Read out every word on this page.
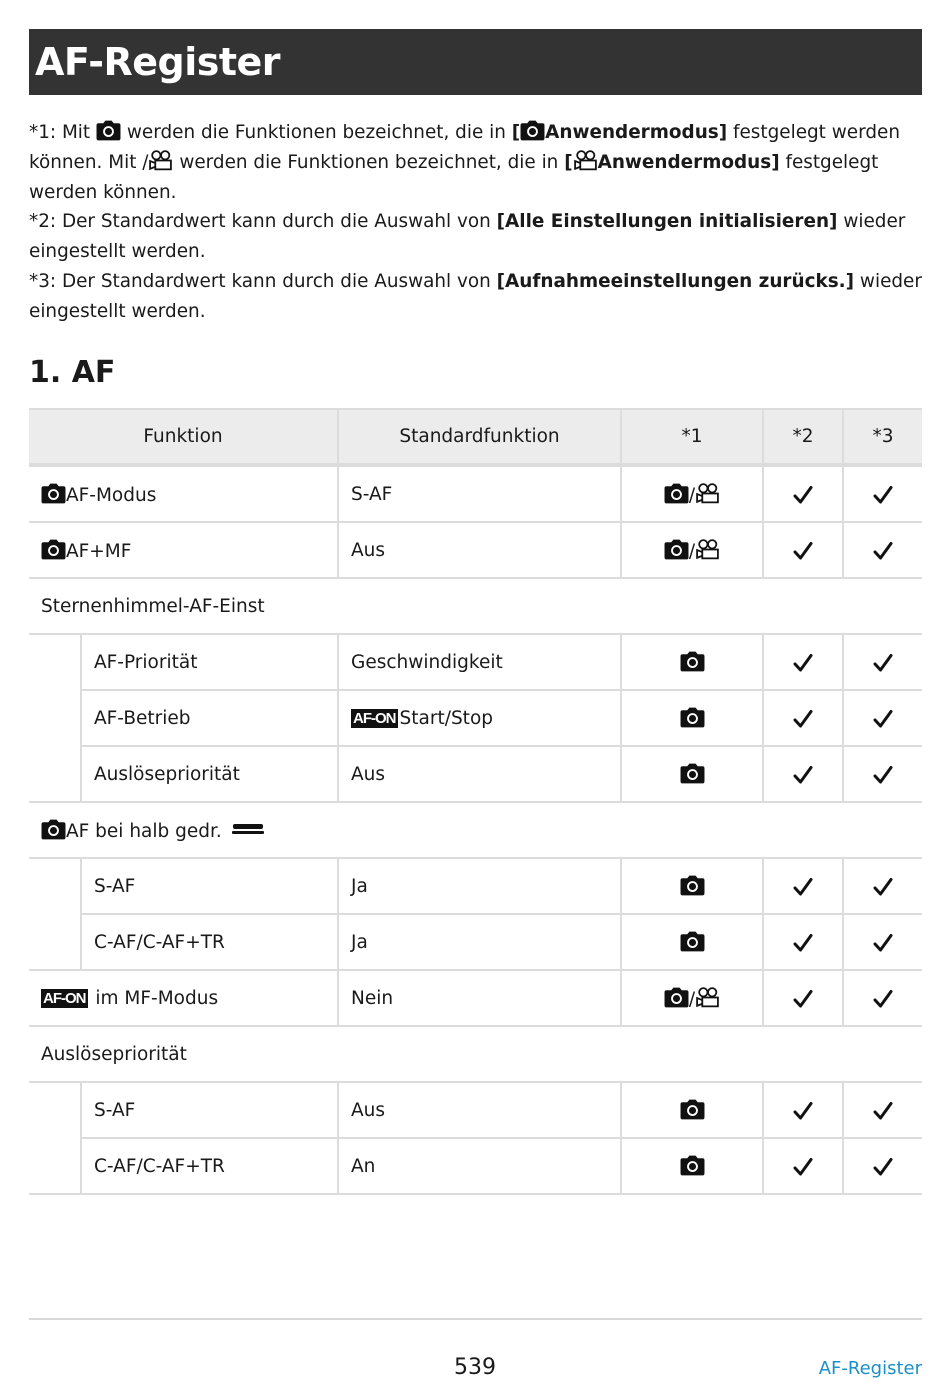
AF-Register

*1: Mit werden die Funktionen bezeichnet, die in [ Anwendermodus] festgelegt werden können. Mit / werden die Funktionen bezeichnet, die in [ Anwendermodus] festgelegt werden können.

*2: Der Standardwert kann durch die Auswahl von [Alle Einstellungen initialisieren] wieder eingestellt werden.

*3: Der Standardwert kann durch die Auswahl von [Aufnahmeeinstellungen zurücks.] wieder eingestellt werden.

1. AF
Funktion		Standardfunktion	*1	*2	*3
AF-Modus		S-AF	/		
AF+MF		Aus	/		
Sternenhimmel-AF-Einst					
	AF-Priorität	Geschwindigkeit			
	AF-Betrieb	AF-ON Start/Stop			
	Auslösepriorität	Aus			
AF bei halb gedr.					
	S-AF	Ja			
	C-AF/C-AF+TR	Ja			
AF-ON im MF-Modus		Nein	/		
Auslösepriorität					
	S-AF	Aus			
	C-AF/C-AF+TR	An			
539	AF-Register
